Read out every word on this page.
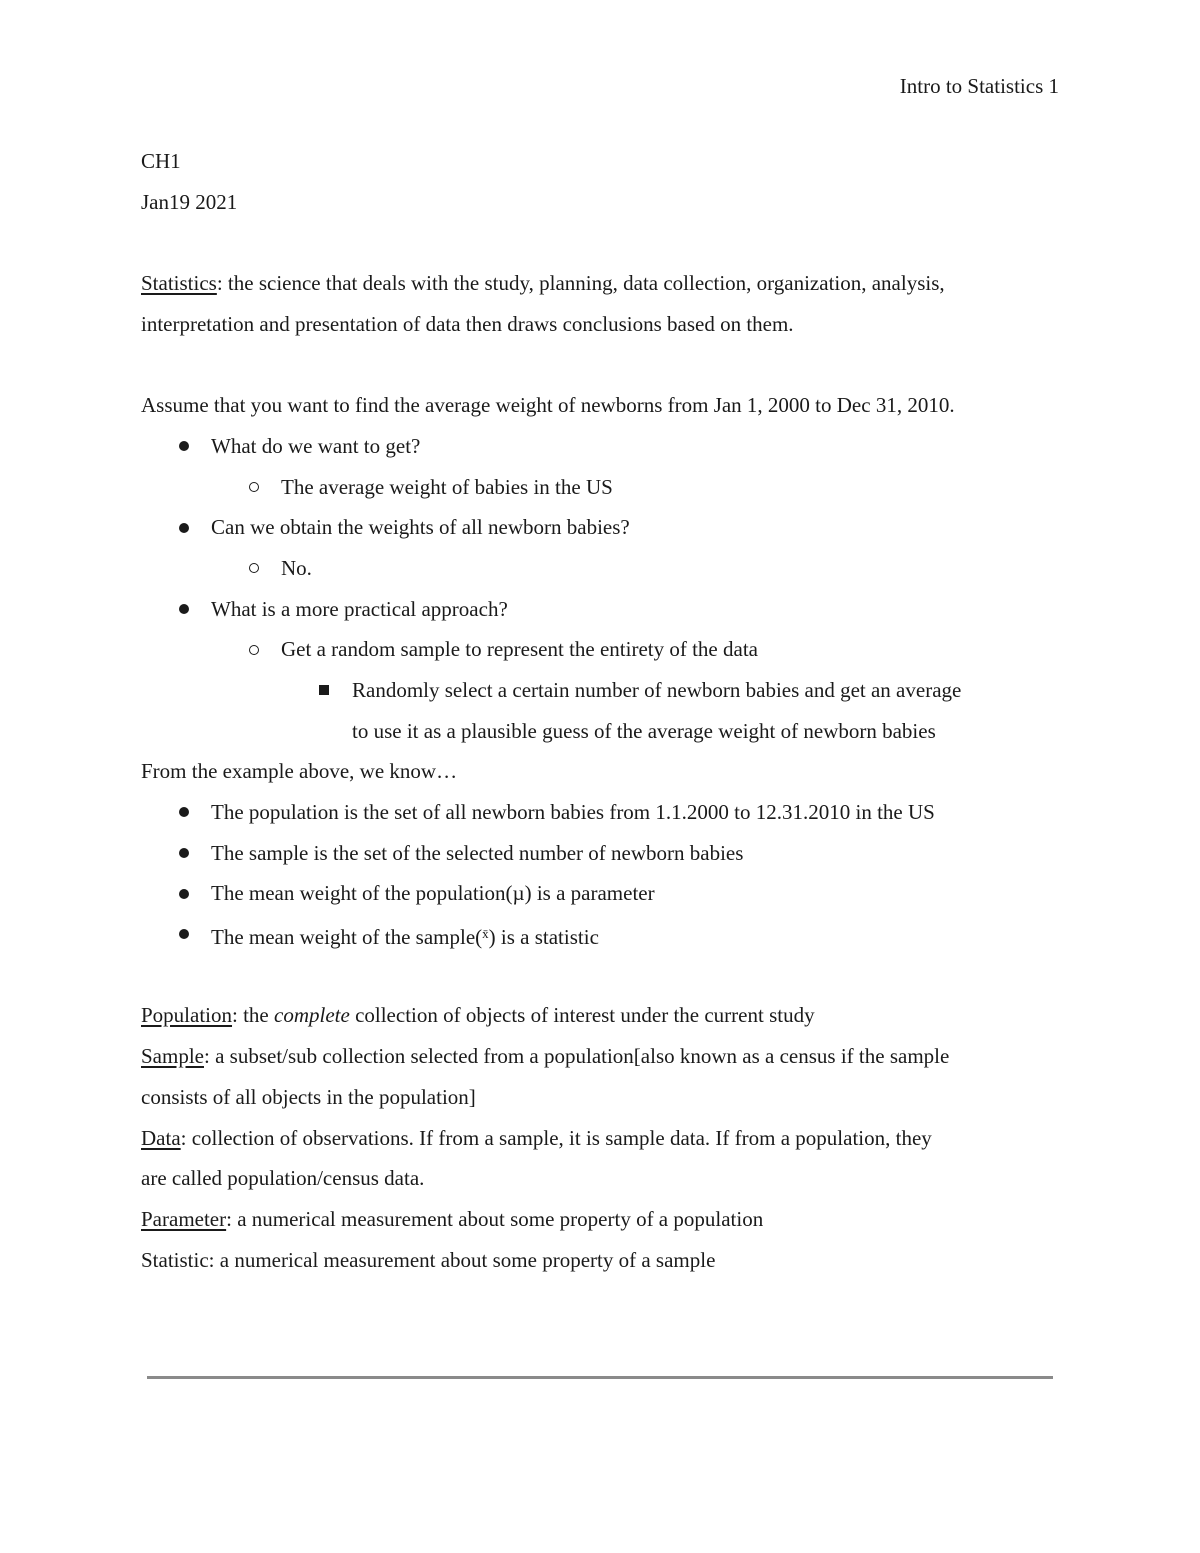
Intro to Statistics 1
CH1
Jan19 2021
Statistics: the science that deals with the study, planning, data collection, organization, analysis,
interpretation and presentation of data then draws conclusions based on them.
Assume that you want to find the average weight of newborns from Jan 1, 2000 to Dec 31, 2010.
What do we want to get?
The average weight of babies in the US
Can we obtain the weights of all newborn babies?
No.
What is a more practical approach?
Get a random sample to represent the entirety of the data
Randomly select a certain number of newborn babies and get an average
to use it as a plausible guess of the average weight of newborn babies
From the example above, we know…
The population is the set of all newborn babies from 1.1.2000 to 12.31.2010 in the US
The sample is the set of the selected number of newborn babies
The mean weight of the population(µ) is a parameter
The mean weight of the sample(x̄) is a statistic
Population: the complete collection of objects of interest under the current study
Sample: a subset/sub collection selected from a population[also known as a census if the sample
consists of all objects in the population]
Data: collection of observations. If from a sample, it is sample data. If from a population, they
are called population/census data.
Parameter: a numerical measurement about some property of a population
Statistic: a numerical measurement about some property of a sample
